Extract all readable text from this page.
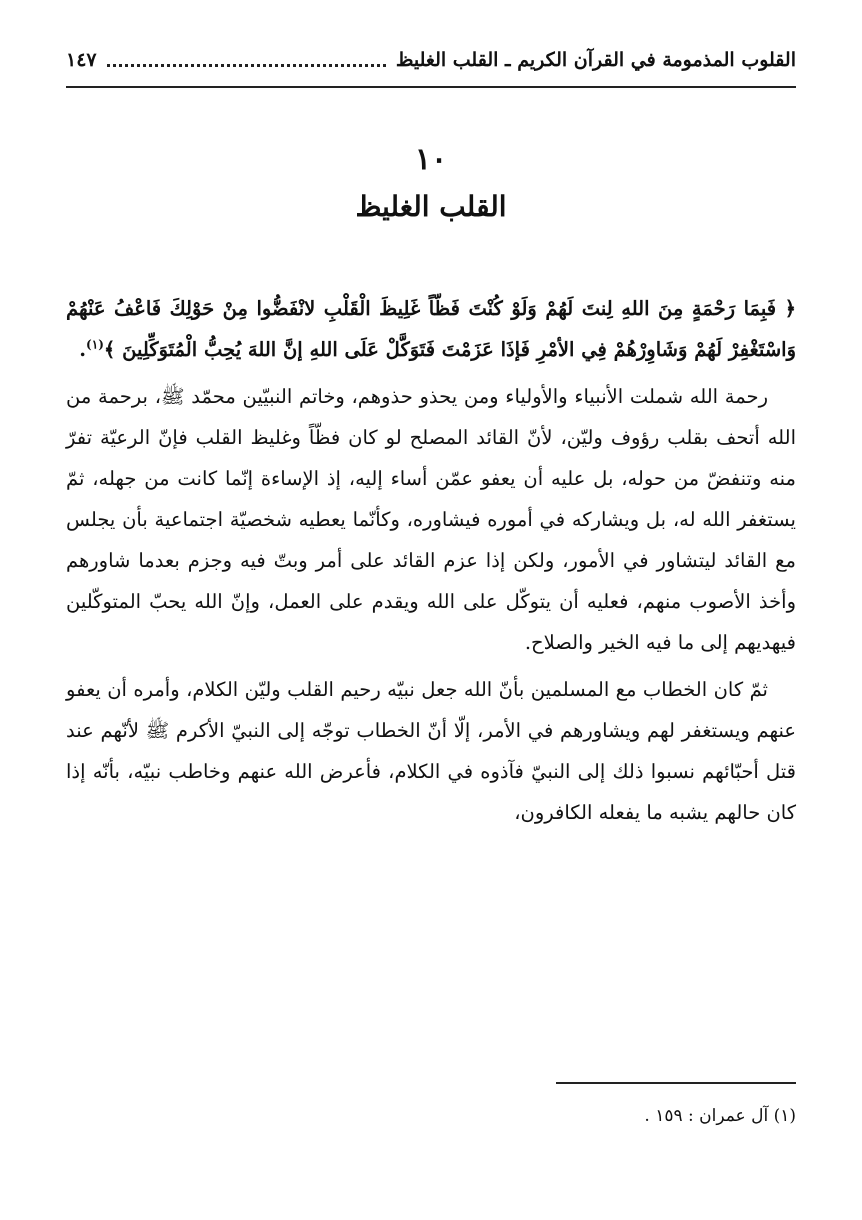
القلوب المذمومة في القرآن الكريم ـ القلب الغليظ
١٤٧
١٠
القلب الغليظ

﴿ فَبِمَا رَحْمَةٍ مِنَ اللهِ لِنتَ لَهُمْ وَلَوْ كُنْتَ فَظّاً غَلِيظَ الْقَلْبِ لانْفَضُّوا مِنْ حَوْلِكَ فَاعْفُ عَنْهُمْ وَاسْتَغْفِرْ لَهُمْ وَشَاوِرْهُمْ فِي الأمْرِ فَإذَا عَزَمْتَ فَتَوَكَّلْ عَلَى اللهِ إنَّ اللهَ يُحِبُّ الْمُتَوَكِّلِينَ ﴾$^{(١)}$.

رحمة الله شملت الأنبياء والأولياء ومن يحذو حذوهم، وخاتم النبيّين محمّد ﷺ، برحمة من الله أتحف بقلب رؤوف وليّن، لأنّ القائد المصلح لو كان فظّاً وغليظ القلب فإنّ الرعيّة تفرّ منه وتنفضّ من حوله، بل عليه أن يعفو عمّن أساء إليه، إذ الإساءة إنّما كانت من جهله، ثمّ يستغفر الله له، بل ويشاركه في أموره فيشاوره، وكأنّما يعطيه شخصيّة اجتماعية بأن يجلس مع القائد ليتشاور في الأمور، ولكن إذا عزم القائد على أمر وبتّ فيه وجزم بعدما شاورهم وأخذ الأصوب منهم، فعليه أن يتوكّل على الله ويقدم على العمل، وإنّ الله يحبّ المتوكّلين فيهديهم إلى ما فيه الخير والصلاح.

ثمّ كان الخطاب مع المسلمين بأنّ الله جعل نبيّه رحيم القلب وليّن الكلام، وأمره أن يعفو عنهم ويستغفر لهم ويشاورهم في الأمر، إلّا أنّ الخطاب توجّه إلى النبيّ الأكرم ﷺ لأنّهم عند قتل أحبّائهم نسبوا ذلك إلى النبيّ فآذوه في الكلام، فأعرض الله عنهم وخاطب نبيّه، بأنّه إذا كان حالهم يشبه ما يفعله الكافرون،

(١) آل عمران : ١٥٩ .
